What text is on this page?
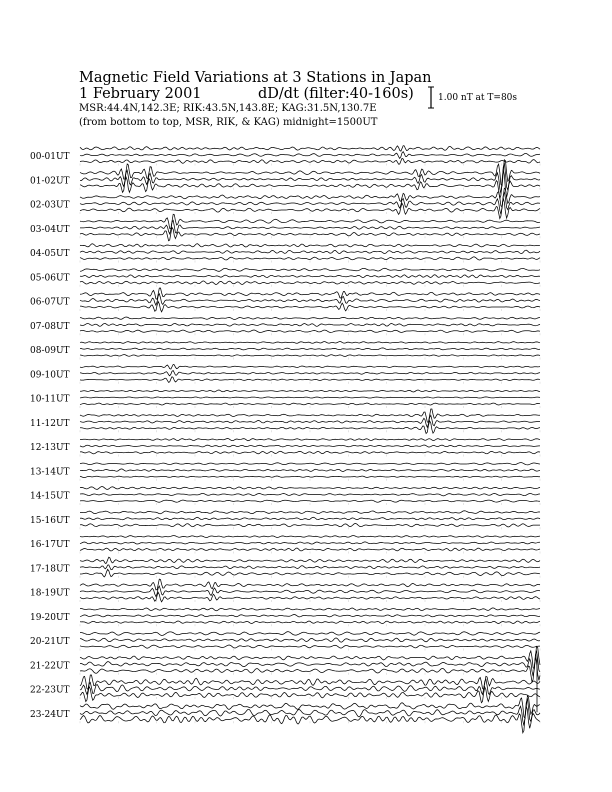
Magnetic Field Variations at 3 Stations in Japan
1 February 2001	dD/dt (filter:40-160s)
MSR:44.4N,142.3E; RIK:43.5N,143.8E; KAG:31.5N,130.7E
(from bottom to top, MSR, RIK, & KAG) midnight=1500UT
1.00 nT at T=80s
00-01UT
01-02UT
02-03UT
03-04UT
04-05UT
05-06UT
06-07UT
07-08UT
08-09UT
09-10UT
10-11UT
11-12UT
12-13UT
13-14UT
14-15UT
15-16UT
16-17UT
17-18UT
18-19UT
19-20UT
20-21UT
21-22UT
22-23UT
23-24UT
